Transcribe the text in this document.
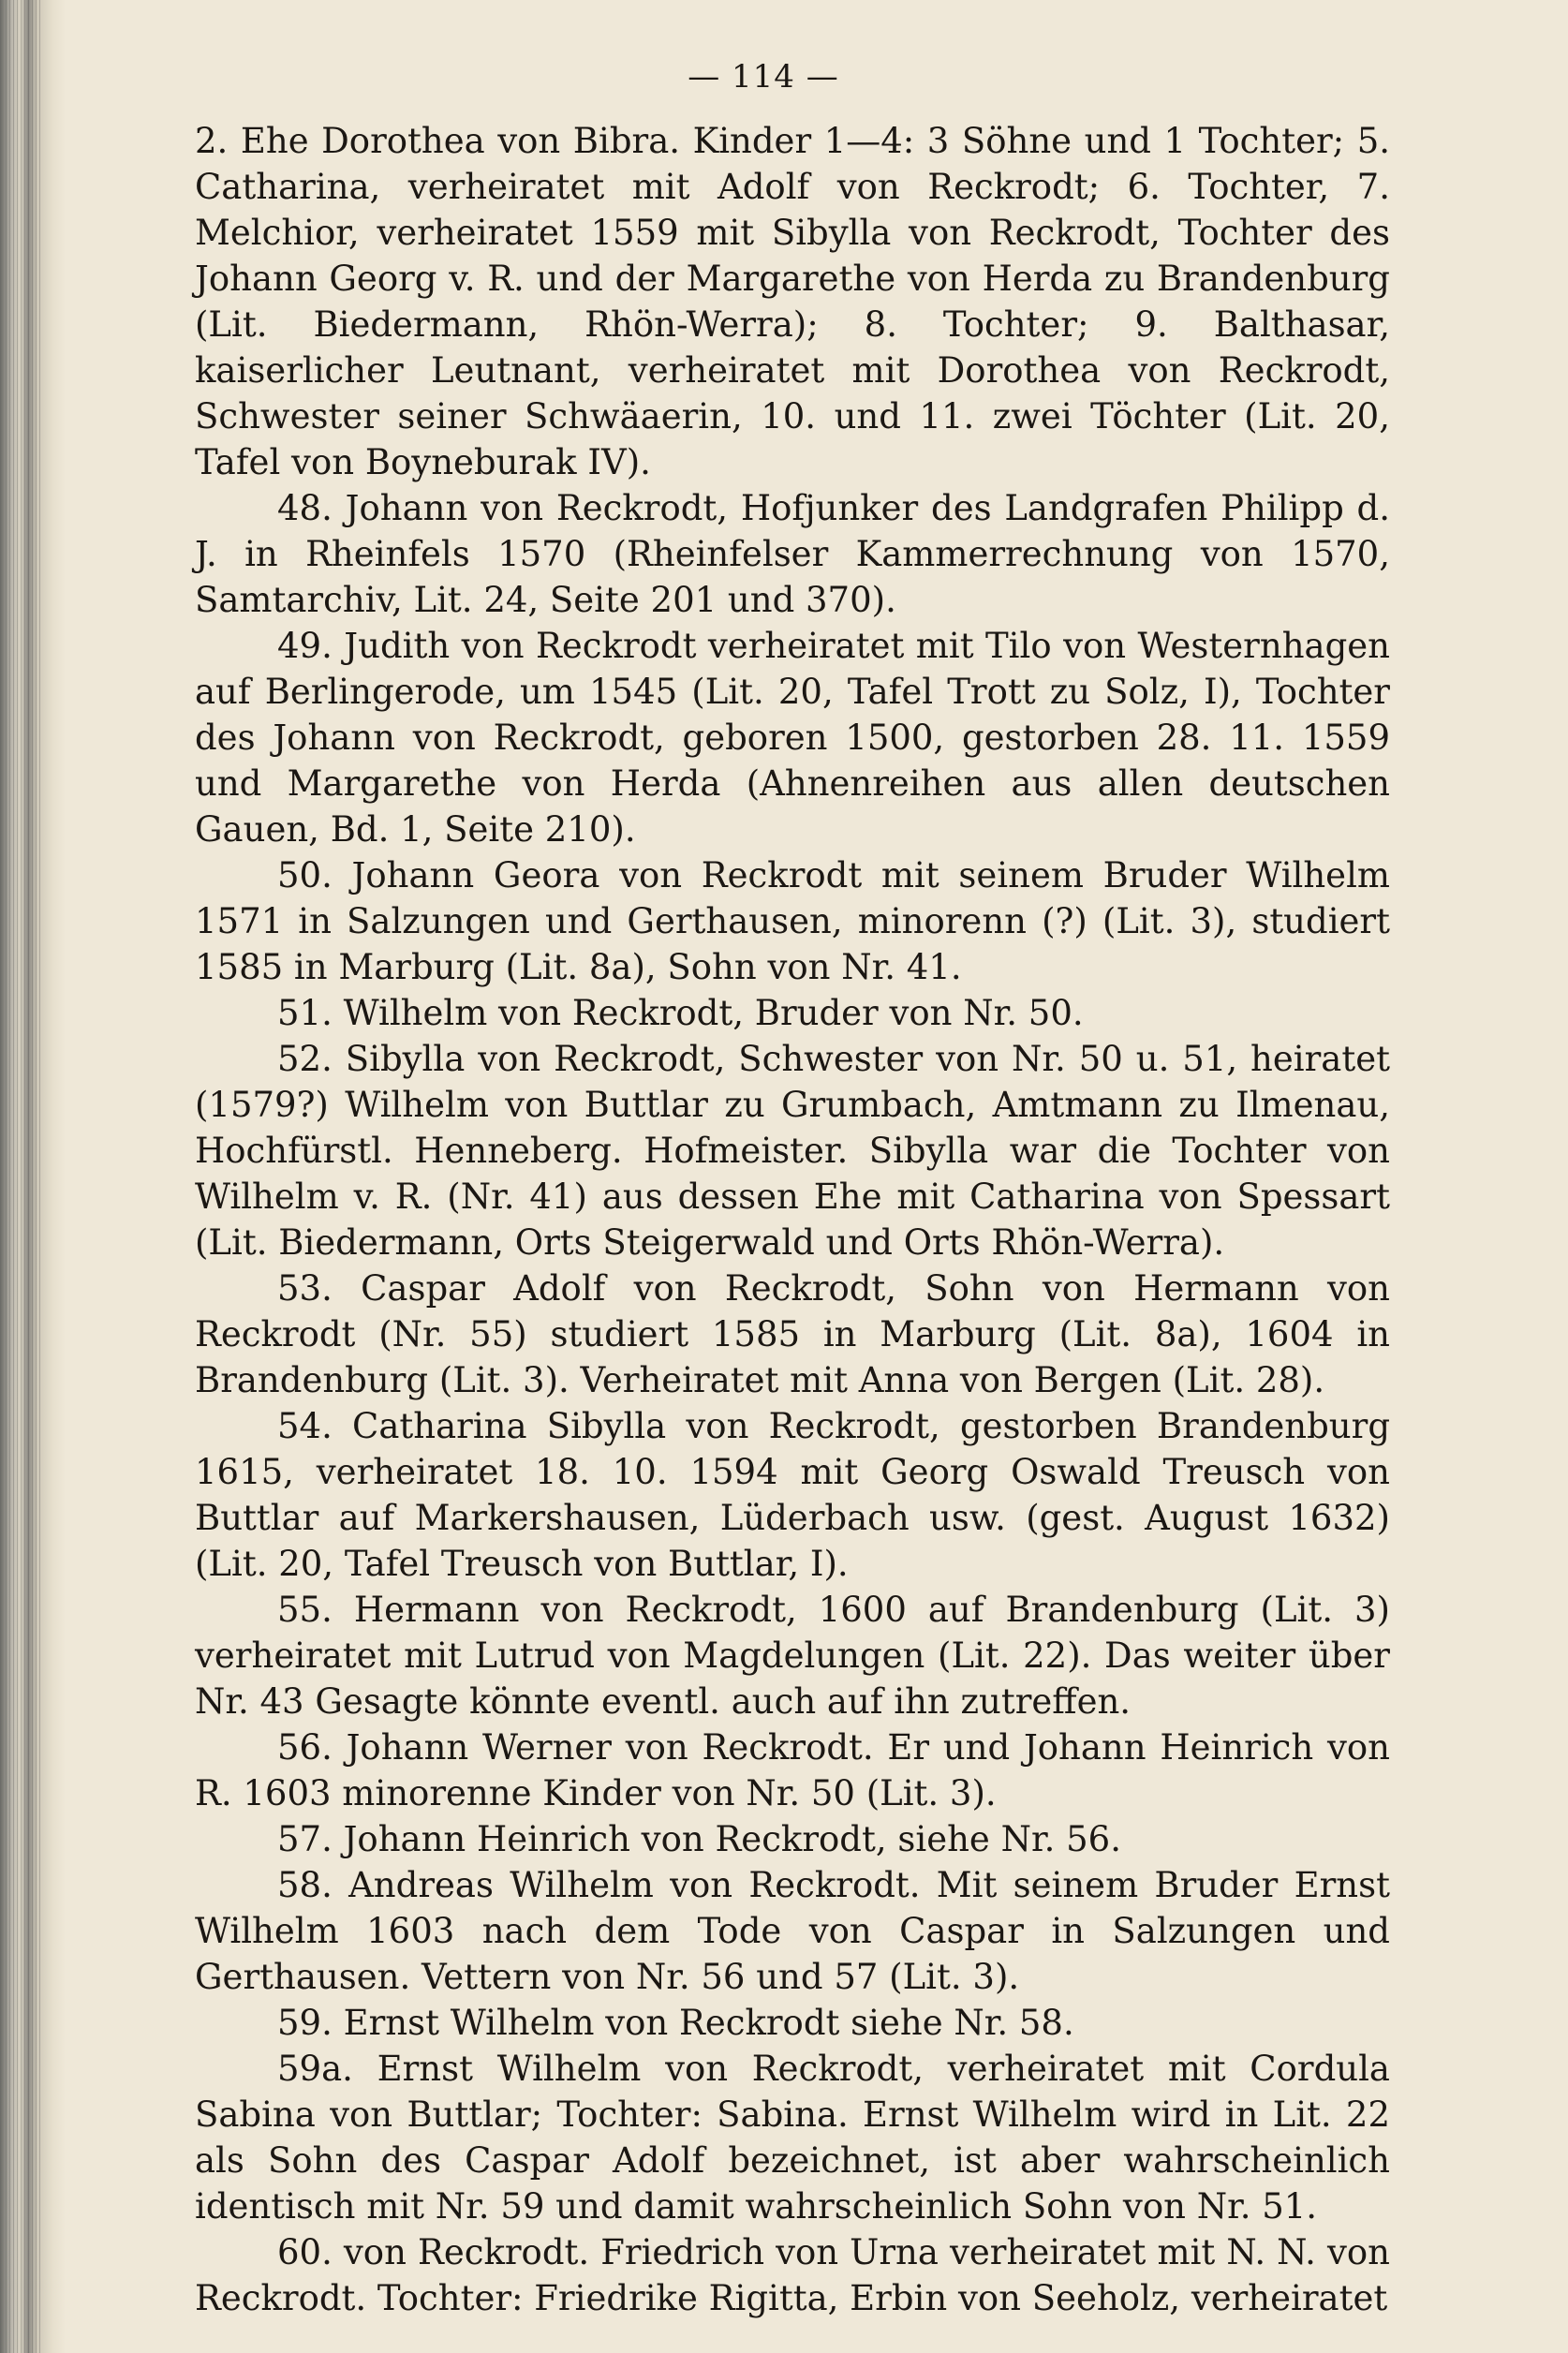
— 114 —

2. Ehe Dorothea von Bibra. Kinder 1—4: 3 Söhne und 1 Tochter; 5. Catharina, verheiratet mit Adolf von Reckrodt; 6. Tochter, 7. Melchior, verheiratet 1559 mit Sibylla von Reckrodt, Tochter des Johann Georg v. R. und der Margarethe von Herda zu Brandenburg (Lit. Biedermann, Rhön-Werra); 8. Tochter; 9. Balthasar, kaiserlicher Leutnant, verheiratet mit Dorothea von Reckrodt, Schwester seiner Schwäaerin, 10. und 11. zwei Töchter (Lit. 20, Tafel von Boyneburak IV).

48. Johann von Reckrodt, Hofjunker des Landgrafen Philipp d. J. in Rheinfels 1570 (Rheinfelser Kammerrechnung von 1570, Samtarchiv, Lit. 24, Seite 201 und 370).

49. Judith von Reckrodt verheiratet mit Tilo von Westernhagen auf Berlingerode, um 1545 (Lit. 20, Tafel Trott zu Solz, I), Tochter des Johann von Reckrodt, geboren 1500, gestorben 28. 11. 1559 und Margarethe von Herda (Ahnenreihen aus allen deutschen Gauen, Bd. 1, Seite 210).

50. Johann Geora von Reckrodt mit seinem Bruder Wilhelm 1571 in Salzungen und Gerthausen, minorenn (?) (Lit. 3), studiert 1585 in Marburg (Lit. 8a), Sohn von Nr. 41.

51. Wilhelm von Reckrodt, Bruder von Nr. 50.

52. Sibylla von Reckrodt, Schwester von Nr. 50 u. 51, heiratet (1579?) Wilhelm von Buttlar zu Grumbach, Amtmann zu Ilmenau, Hochfürstl. Henneberg. Hofmeister. Sibylla war die Tochter von Wilhelm v. R. (Nr. 41) aus dessen Ehe mit Catharina von Spessart (Lit. Biedermann, Orts Steigerwald und Orts Rhön-Werra).

53. Caspar Adolf von Reckrodt, Sohn von Hermann von Reckrodt (Nr. 55) studiert 1585 in Marburg (Lit. 8a), 1604 in Brandenburg (Lit. 3). Verheiratet mit Anna von Bergen (Lit. 28).

54. Catharina Sibylla von Reckrodt, gestorben Brandenburg 1615, verheiratet 18. 10. 1594 mit Georg Oswald Treusch von Buttlar auf Markershausen, Lüderbach usw. (gest. August 1632) (Lit. 20, Tafel Treusch von Buttlar, I).

55. Hermann von Reckrodt, 1600 auf Brandenburg (Lit. 3) verheiratet mit Lutrud von Magdelungen (Lit. 22). Das weiter über Nr. 43 Gesagte könnte eventl. auch auf ihn zutreffen.

56. Johann Werner von Reckrodt. Er und Johann Heinrich von R. 1603 minorenne Kinder von Nr. 50 (Lit. 3).

57. Johann Heinrich von Reckrodt, siehe Nr. 56.

58. Andreas Wilhelm von Reckrodt. Mit seinem Bruder Ernst Wilhelm 1603 nach dem Tode von Caspar in Salzungen und Gerthausen. Vettern von Nr. 56 und 57 (Lit. 3).

59. Ernst Wilhelm von Reckrodt siehe Nr. 58.

59a. Ernst Wilhelm von Reckrodt, verheiratet mit Cordula Sabina von Buttlar; Tochter: Sabina. Ernst Wilhelm wird in Lit. 22 als Sohn des Caspar Adolf bezeichnet, ist aber wahrscheinlich identisch mit Nr. 59 und damit wahrscheinlich Sohn von Nr. 51.

60. von Reckrodt. Friedrich von Urna verheiratet mit N. N. von Reckrodt. Tochter: Friedrike Rigitta, Erbin von Seeholz, verheiratet
